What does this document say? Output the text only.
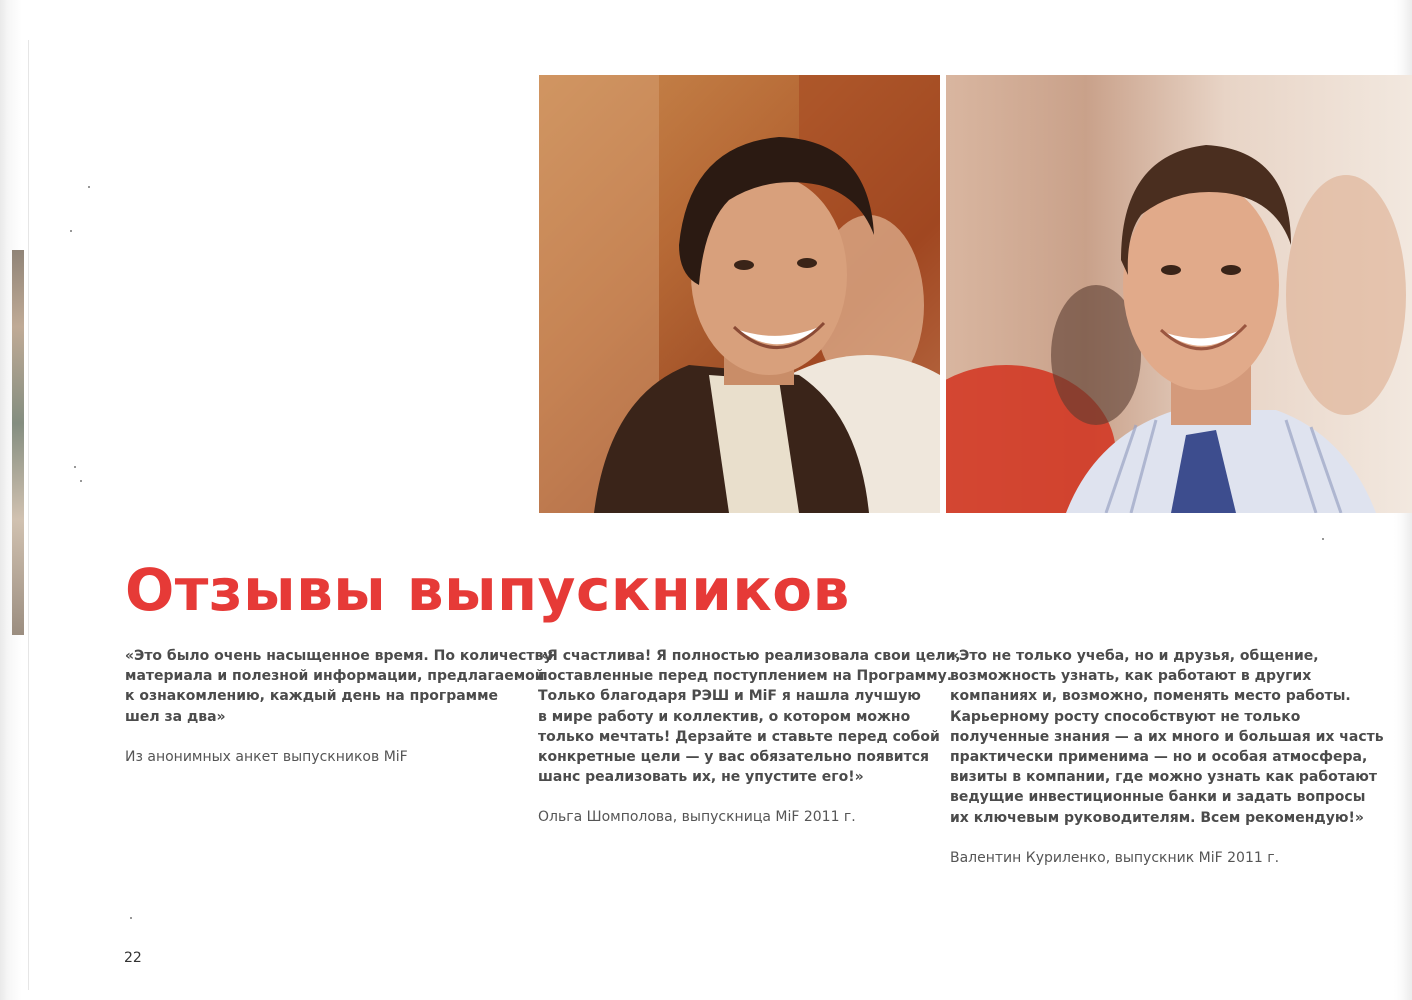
Отзывы выпускников
«Это было очень насыщенное время. По количеству
материала и полезной информации, предлагаемой
к ознакомлению, каждый день на программе
шел за два»
Из анонимных анкет выпускников MiF
«Я счастлива! Я полностью реализовала свои цели,
поставленные перед поступлением на Программу.
Только благодаря РЭШ и MiF я нашла лучшую
в мире работу и коллектив, о котором можно
только мечтать! Дерзайте и ставьте перед собой
конкретные цели — у вас обязательно появится
шанс реализовать их, не упустите его!»
Ольга Шомполова, выпускница MiF 2011 г.
«Это не только учеба, но и друзья, общение,
возможность узнать, как работают в других
компаниях и, возможно, поменять место работы.
Карьерному росту способствуют не только
полученные знания — а их много и большая их часть
практически применима — но и особая атмосфера,
визиты в компании, где можно узнать как работают
ведущие инвестиционные банки и задать вопросы
их ключевым руководителям. Всем рекомендую!»
Валентин Куриленко, выпускник MiF 2011 г.
22
